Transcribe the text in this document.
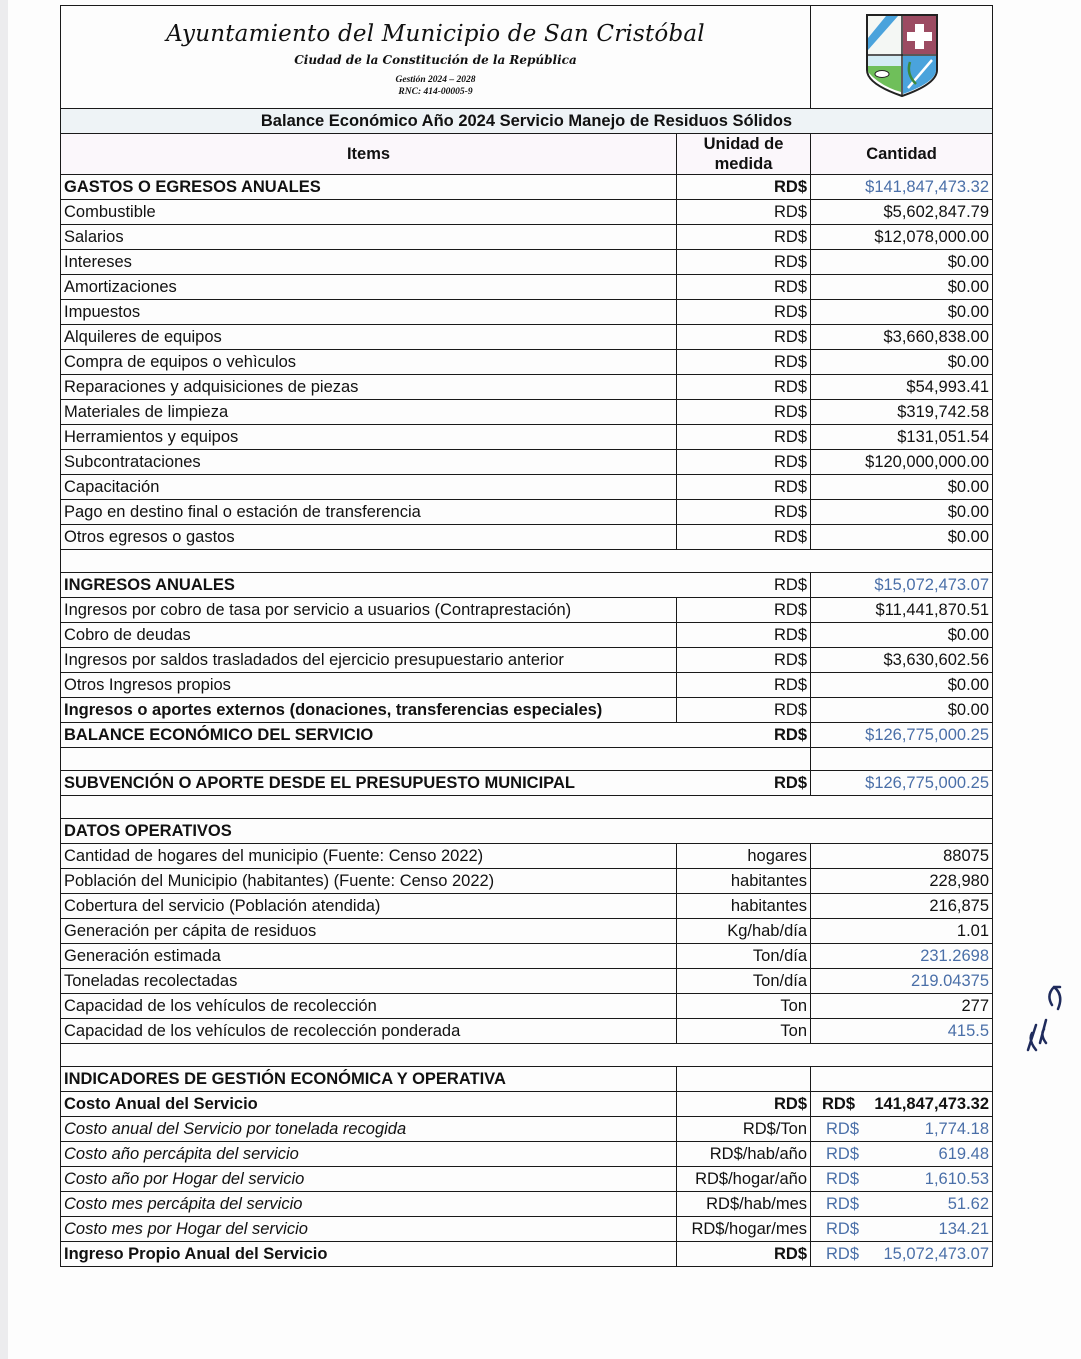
Ayuntamiento del Municipio de San Cristóbal
Ciudad de la Constitución de la República
Gestión 2024 – 2028
RNC: 414-00005-9

Balance Económico Año 2024 Servicio Manejo de Residuos Sólidos		
Items	Unidad de medida	Cantidad
GASTOS O EGRESOS ANUALES	RD$	$141,847,473.32
Combustible	RD$	$5,602,847.79
Salarios	RD$	$12,078,000.00
Intereses	RD$	$0.00
Amortizaciones	RD$	$0.00
Impuestos	RD$	$0.00
Alquileres de equipos	RD$	$3,660,838.00
Compra de equipos o vehìculos	RD$	$0.00
Reparaciones y adquisiciones de piezas	RD$	$54,993.41
Materiales de limpieza	RD$	$319,742.58
Herramientos y equipos	RD$	$131,051.54
Subcontrataciones	RD$	$120,000,000.00
Capacitación	RD$	$0.00
Pago en destino final o estación de transferencia	RD$	$0.00
Otros egresos o gastos	RD$	$0.00

INGRESOS ANUALES	RD$	$15,072,473.07
Ingresos por cobro de tasa por servicio a usuarios (Contraprestación)	RD$	$11,441,870.51
Cobro de deudas	RD$	$0.00
Ingresos por saldos trasladados del ejercicio presupuestario anterior	RD$	$3,630,602.56
Otros Ingresos propios	RD$	$0.00
Ingresos o aportes externos (donaciones, transferencias especiales)	RD$	$0.00
BALANCE ECONÓMICO DEL SERVICIO	RD$	$126,775,000.25

SUBVENCIÓN O APORTE DESDE EL PRESUPUESTO MUNICIPAL	RD$	$126,775,000.25

DATOS OPERATIVOS		
Cantidad de hogares del municipio (Fuente: Censo 2022)	hogares	88075
Población del Municipio (habitantes) (Fuente: Censo 2022)	habitantes	228,980
Cobertura del servicio (Población atendida)	habitantes	216,875
Generación per cápita de residuos	Kg/hab/día	1.01
Generación estimada	Ton/día	231.2698
Toneladas recolectadas	Ton/día	219.04375
Capacidad de los vehículos de recolección	Ton	277
Capacidad de los vehículos de recolección ponderada	Ton	415.5

INDICADORES DE GESTIÓN ECONÓMICA Y OPERATIVA		
Costo Anual del Servicio	RD$	RD$ 141,847,473.32

Costo anual del Servicio por tonelada recogida	RD$/Ton	RD$ 1,774.18

Costo año percápita del servicio	RD$/hab/año	RD$ 619.48

Costo año por Hogar del servicio	RD$/hogar/año	RD$ 1,610.53

Costo mes percápita del servicio	RD$/hab/mes	RD$ 51.62

Costo mes por Hogar del servicio	RD$/hogar/mes	RD$ 134.21

Ingreso Propio Anual del Servicio	RD$	RD$ 15,072,473.07
